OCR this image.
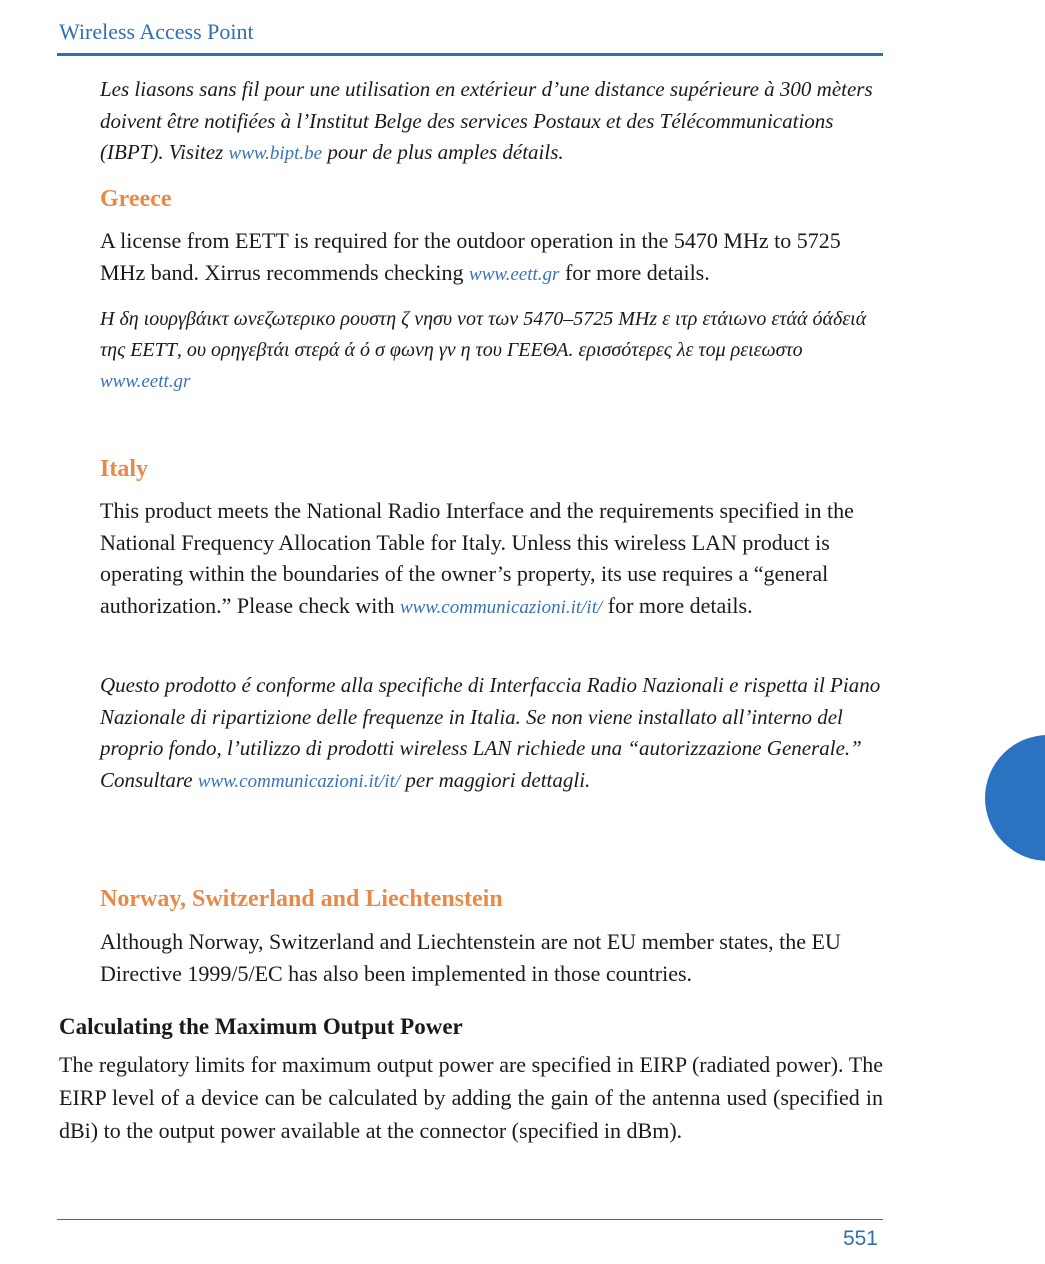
Wireless Access Point

Les liasons sans fil pour une utilisation en extérieur d’une distance supérieure à 300 mèters doivent être notifiées à l’Institut Belge des services Postaux et des Télécommunications (IBPT). Visitez www.bipt.be pour de plus amples détails.

Greece

A license from EETT is required for the outdoor operation in the 5470 MHz to 5725 MHz band. Xirrus recommends checking www.eett.gr for more details.

Η δη ιουργβάικτ ωνεζωτερικο ρουστη ζ νησυ νοτ των 5470–5725 MHz ε ιτρ ετάιωνο ετάά όάδειά της ΕΕΤΤ, ου ορηγεβτάι στερά ά ό σ φωνη γν η του ΓΕΕΘΑ. ερισσότερες λε τομ ρειεωστο www.eett.gr

Italy

This product meets the National Radio Interface and the requirements specified in the National Frequency Allocation Table for Italy. Unless this wireless LAN product is operating within the boundaries of the owner’s property, its use requires a “general authorization.” Please check with www.communicazioni.it/it/ for more details.

Questo prodotto é conforme alla specifiche di Interfaccia Radio Nazionali e rispetta il Piano Nazionale di ripartizione delle frequenze in Italia. Se non viene installato all’interno del proprio fondo, l’utilizzo di prodotti wireless LAN richiede una “autorizzazione Generale.” Consultare www.communicazioni.it/it/ per maggiori dettagli.

Norway, Switzerland and Liechtenstein

Although Norway, Switzerland and Liechtenstein are not EU member states, the EU Directive 1999/5/EC has also been implemented in those countries.

Calculating the Maximum Output Power

The regulatory limits for maximum output power are specified in EIRP (radiated power). The EIRP level of a device can be calculated by adding the gain of the antenna used (specified in dBi) to the output power available at the connector (specified in dBm).

551
